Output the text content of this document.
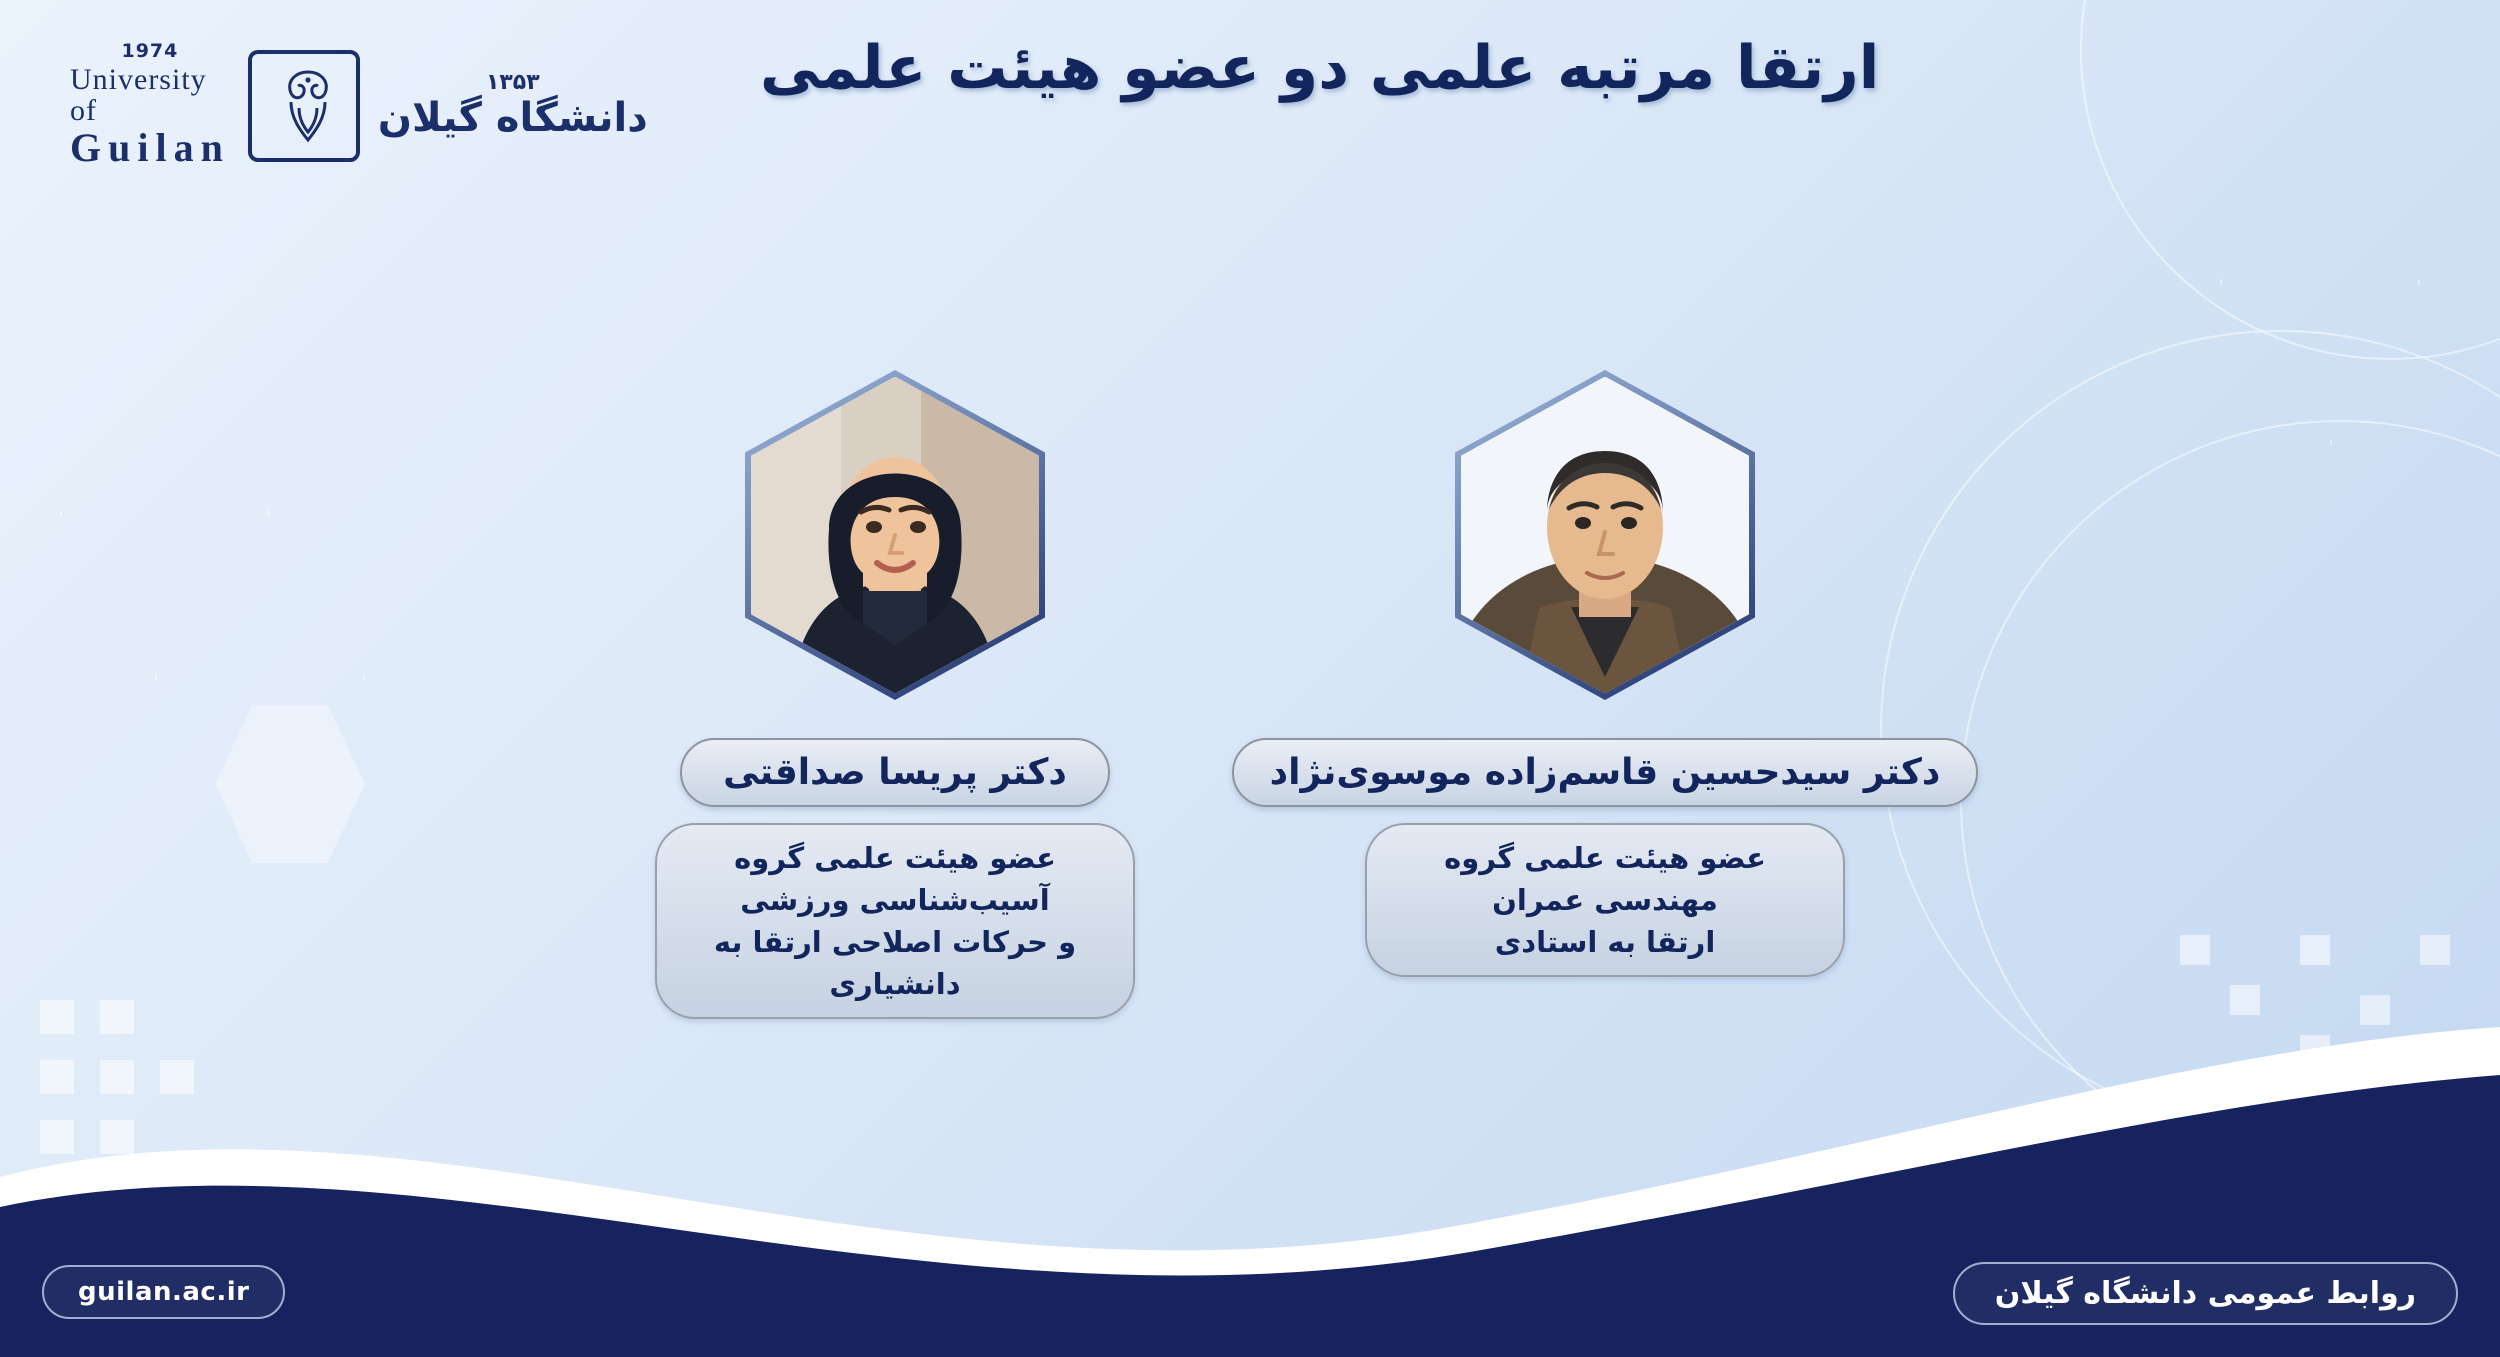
1974
University of
Guilan
۱۳۵۳
دانشگاه گیلان
ارتقا مرتبه علمی دو عضو هیئت علمی
دکتر سیدحسین قاسم‌زاده موسوی‌نژاد
عضو هیئت علمی گروه مهندسی عمران
ارتقا به استادی
دکتر پریسا صداقتی
عضو هیئت علمی گروه آسیب‌شناسی ورزشی
و حرکات اصلاحی ارتقا به دانشیاری
guilan.ac.ir	روابط عمومی دانشگاه گیلان
